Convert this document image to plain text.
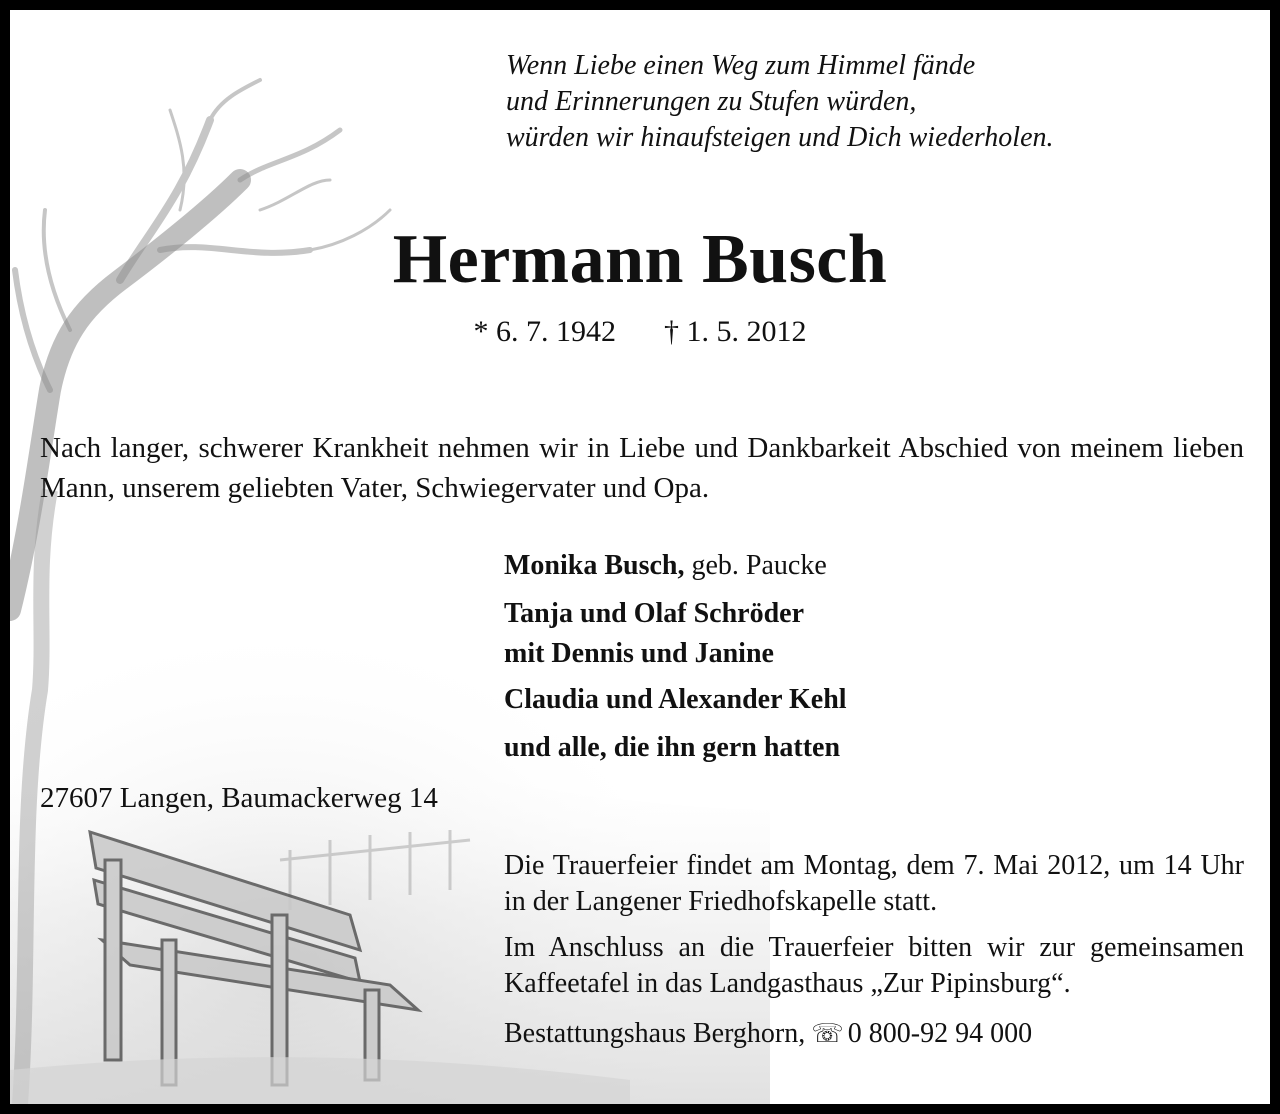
Wenn Liebe einen Weg zum Himmel fände
und Erinnerungen zu Stufen würden,
würden wir hinaufsteigen und Dich wiederholen.
Hermann Busch
* 6. 7. 1942 † 1. 5. 2012
Nach langer, schwerer Krankheit nehmen wir in Liebe und Dankbarkeit Abschied von meinem lieben Mann, unserem geliebten Vater, Schwiegervater und Opa.
Monika Busch, geb. Paucke
Tanja und Olaf Schröder
mit Dennis und Janine
Claudia und Alexander Kehl
und alle, die ihn gern hatten
27607 Langen, Baumackerweg 14

Die Trauerfeier findet am Montag, dem 7. Mai 2012, um 14 Uhr in der Langener Friedhofskapelle statt.

Im Anschluss an die Trauerfeier bitten wir zur gemeinsamen Kaffeetafel in das Landgasthaus „Zur Pipinsburg“.

Bestattungshaus Berghorn, ☏ 0 800-92 94 000
